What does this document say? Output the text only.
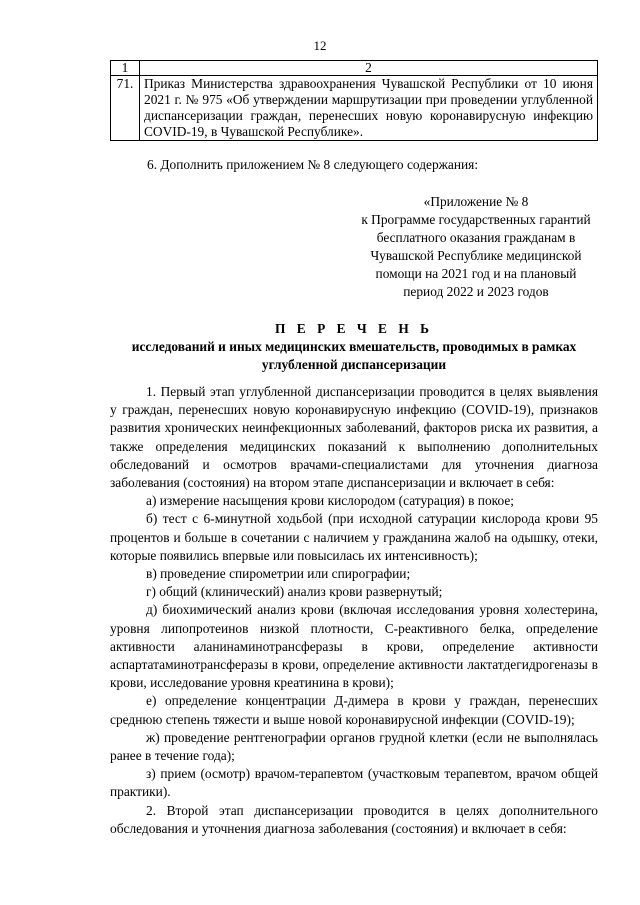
12
1	2
71.	Приказ Министерства здравоохранения Чувашской Республики от 10 июня 2021 г. № 975 «Об утверждении маршрутизации при проведении углубленной диспансеризации граждан, перенесших новую коронавирусную инфекцию COVID-19, в Чувашской Республике».
6. Дополнить приложением № 8 следующего содержания:
«Приложение № 8
к Программе государственных гарантий
бесплатного оказания гражданам в
Чувашской Республике медицинской
помощи на 2021 год и на плановый
период 2022 и 2023 годов
П Е Р Е Ч Е Н Ь
исследований и иных медицинских вмешательств, проводимых в рамках
углубленной диспансеризации

1. Первый этап углубленной диспансеризации проводится в целях выявления у граждан, перенесших новую коронавирусную инфекцию (COVID-19), признаков развития хронических неинфекционных заболеваний, факторов риска их развития, а также определения медицинских показаний к выполнению дополнительных обследований и осмотров врачами-специалистами для уточнения диагноза заболевания (состояния) на втором этапе диспансеризации и включает в себя:

а) измерение насыщения крови кислородом (сатурация) в покое;

б) тест с 6-минутной ходьбой (при исходной сатурации кислорода крови 95 процентов и больше в сочетании с наличием у гражданина жалоб на одышку, отеки, которые появились впервые или повысилась их интенсивность);

в) проведение спирометрии или спирографии;

г) общий (клинический) анализ крови развернутый;

д) биохимический анализ крови (включая исследования уровня холестерина, уровня липопротеинов низкой плотности, С-реактивного белка, определение активности аланинаминотрансферазы в крови, определение активности аспартатаминотрансферазы в крови, определение активности лактатдегидрогеназы в крови, исследование уровня креатинина в крови);

е) определение концентрации Д-димера в крови у граждан, перенесших среднюю степень тяжести и выше новой коронавирусной инфекции (COVID-19);

ж) проведение рентгенографии органов грудной клетки (если не выполнялась ранее в течение года);

з) прием (осмотр) врачом-терапевтом (участковым терапевтом, врачом общей практики).

2. Второй этап диспансеризации проводится в целях дополнительного обследования и уточнения диагноза заболевания (состояния) и включает в себя:
